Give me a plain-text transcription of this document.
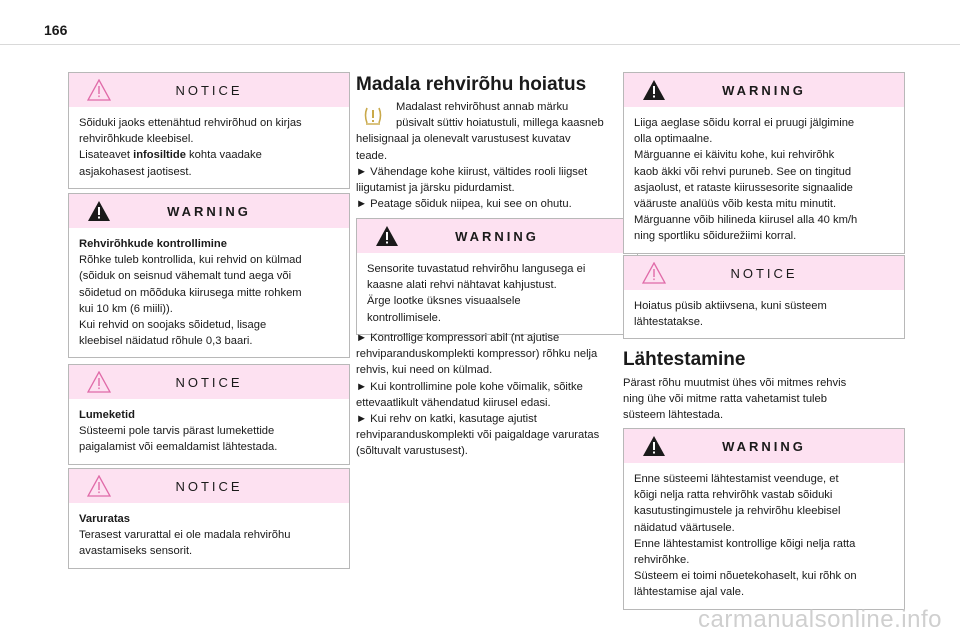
166
NOTICE
Sõiduki jaoks ettenähtud rehvirõhud on kirjas
rehvirõhkude kleebisel.
Lisateavet infosiltide kohta vaadake
asjakohasest jaotisest.
WARNING
Rehvirõhkude kontrollimine
Rõhke tuleb kontrollida, kui rehvid on külmad
(sõiduk on seisnud vähemalt tund aega või
sõidetud on mõõduka kiirusega mitte rohkem
kui 10 km (6 miili)).
Kui rehvid on soojaks sõidetud, lisage
kleebisel näidatud rõhule 0,3 baari.
NOTICE
Lumeketid
Süsteemi pole tarvis pärast lumekettide
paigalamist või eemaldamist lähtestada.
NOTICE
Varuratas
Terasest varurattal ei ole madala rehvirõhu
avastamiseks sensorit.
Madala rehvirõhu hoiatus
Madalast rehvirõhust annab märku
püsivalt süttiv hoiatustuli, millega kaasneb
helisignaal ja olenevalt varustusest kuvatav
teade.
► Vähendage kohe kiirust, vältides rooli liigset
liigutamist ja järsku pidurdamist.
► Peatage sõiduk niipea, kui see on ohutu.
WARNING
Sensorite tuvastatud rehvirõhu langusega ei
kaasne alati rehvi nähtavat kahjustust.
Ärge lootke üksnes visuaalsele
kontrollimisele.
► Kontrollige kompressori abil (nt ajutise
rehviparanduskomplekti kompressor) rõhku nelja
rehvis, kui need on külmad.
► Kui kontrollimine pole kohe võimalik, sõitke
ettevaatlikult vähendatud kiirusel edasi.
► Kui rehv on katki, kasutage ajutist
rehviparanduskomplekti või paigaldage varuratas
(sõltuvalt varustusest).
WARNING
Liiga aeglase sõidu korral ei pruugi jälgimine
olla optimaalne.
Märguanne ei käivitu kohe, kui rehvirõhk
kaob äkki või rehvi puruneb. See on tingitud
asjaolust, et rataste kiirussesorite signaalide
vääruste analüüs võib kesta mitu minutit.
Märguanne võib hilineda kiirusel alla 40 km/h
ning sportliku sõidurežiimi korral.
NOTICE
Hoiatus püsib aktiivsena, kuni süsteem
lähtestatakse.
Lähtestamine
Pärast rõhu muutmist ühes või mitmes rehvis
ning ühe või mitme ratta vahetamist tuleb
süsteem lähtestada.
WARNING
Enne süsteemi lähtestamist veenduge, et
kõigi nelja ratta rehvirõhk vastab sõiduki
kasutustingimustele ja rehvirõhu kleebisel
näidatud väärtusele.
Enne lähtestamist kontrollige kõigi nelja ratta
rehvirõhke.
Süsteem ei toimi nõuetekohaselt, kui rõhk on
lähtestamise ajal vale.
carmanualsonline.info
